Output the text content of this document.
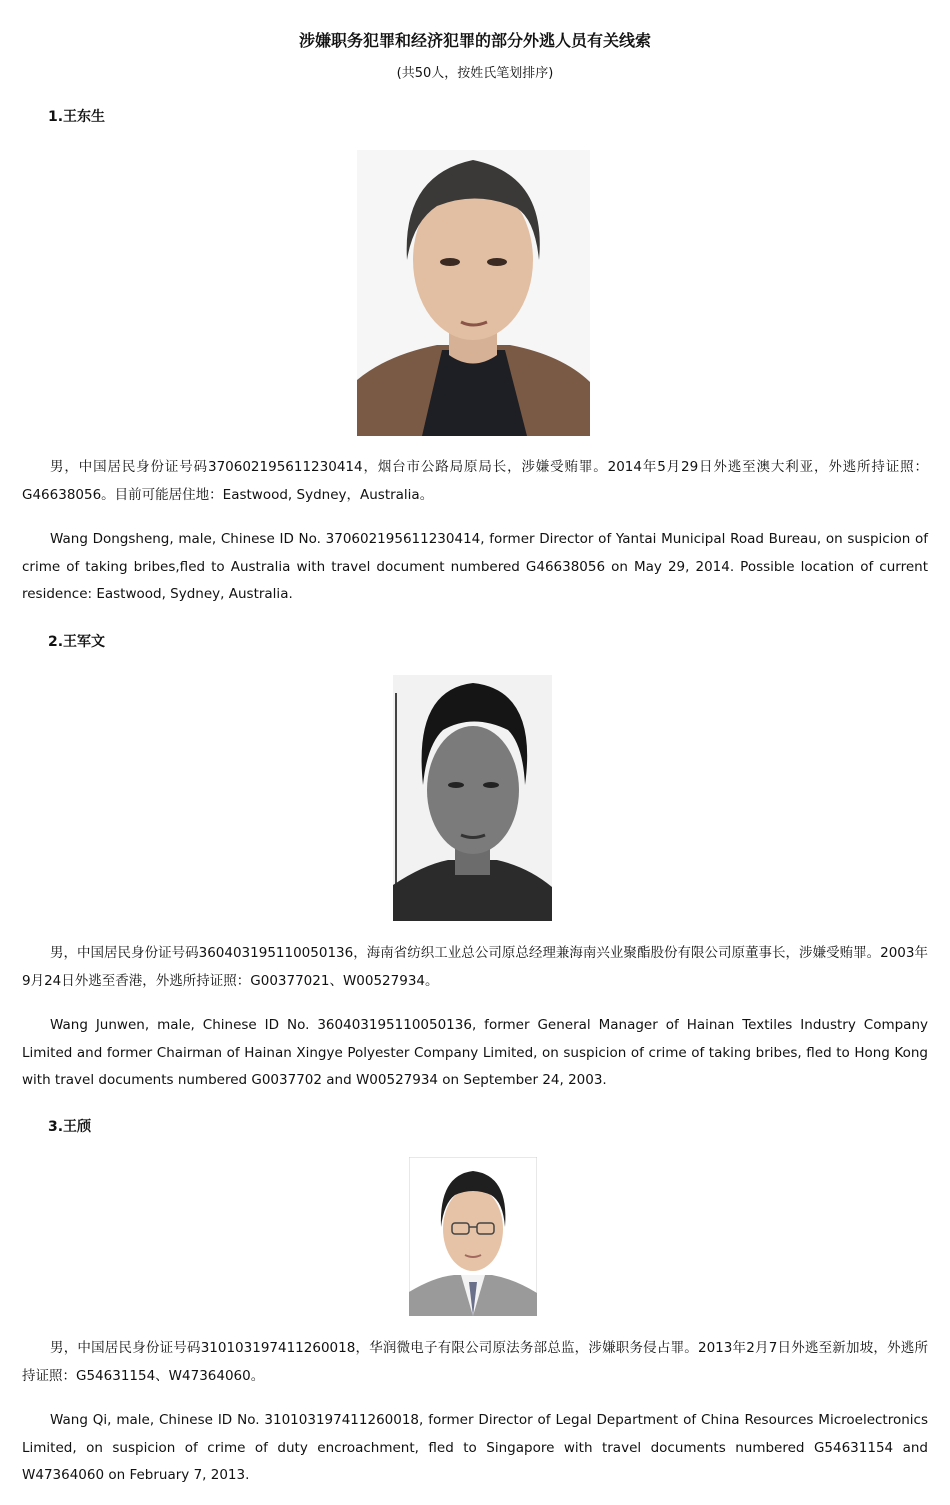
涉嫌职务犯罪和经济犯罪的部分外逃人员有关线索
(共50人，按姓氏笔划排序)
1.王东生
男，中国居民身份证号码370602195611230414，烟台市公路局原局长，涉嫌受贿罪。2014年5月29日外逃至澳大利亚，外逃所持证照：G46638056。目前可能居住地：Eastwood, Sydney，Australia。
Wang Dongsheng, male, Chinese ID No. 370602195611230414, former Director of Yantai Municipal Road Bureau, on suspicion of crime of taking bribes,fled to Australia with travel document numbered G46638056 on May 29, 2014. Possible location of current residence: Eastwood, Sydney, Australia.
2.王军文
男，中国居民身份证号码360403195110050136，海南省纺织工业总公司原总经理兼海南兴业聚酯股份有限公司原董事长，涉嫌受贿罪。2003年9月24日外逃至香港，外逃所持证照：G00377021、W00527934。
Wang Junwen, male, Chinese ID No. 360403195110050136, former General Manager of Hainan Textiles Industry Company Limited and former Chairman of Hainan Xingye Polyester Company Limited, on suspicion of crime of taking bribes, fled to Hong Kong with travel documents numbered G0037702 and W00527934 on September 24, 2003.
3.王颀
男，中国居民身份证号码310103197411260018，华润微电子有限公司原法务部总监，涉嫌职务侵占罪。2013年2月7日外逃至新加坡，外逃所持证照：G54631154、W47364060。
Wang Qi, male, Chinese ID No. 310103197411260018, former Director of Legal Department of China Resources Microelectronics Limited, on suspicion of crime of duty encroachment, fled to Singapore with travel documents numbered G54631154 and W47364060 on February 7, 2013.
